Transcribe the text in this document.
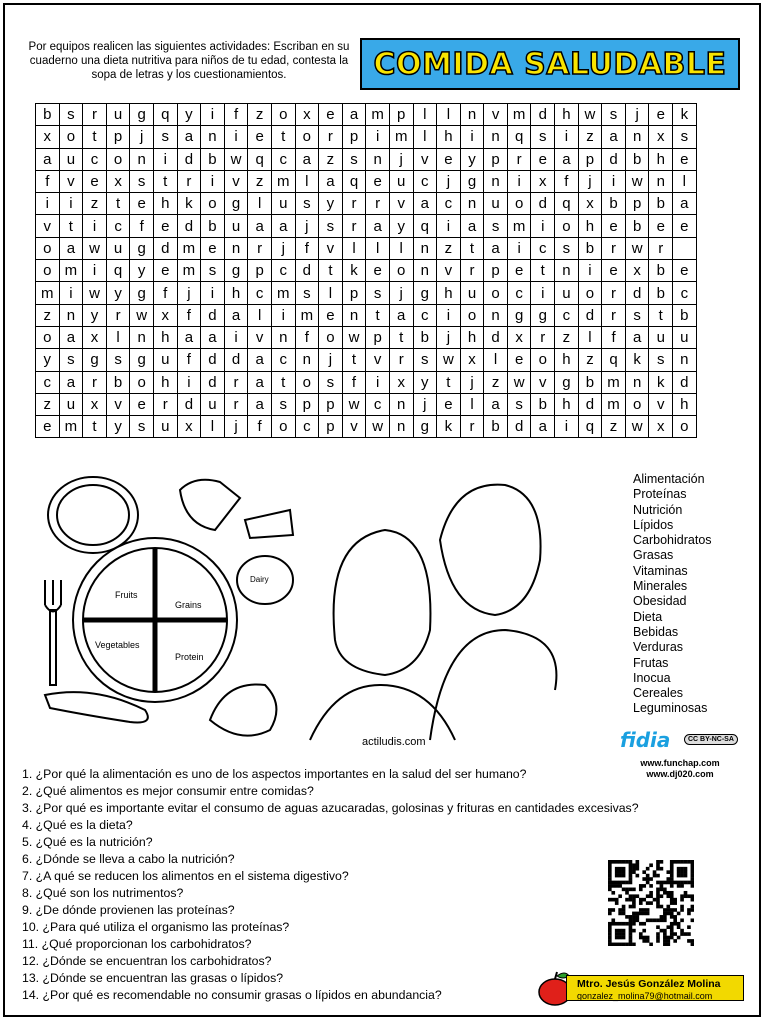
Por equipos realicen las siguientes actividades: Escriban en su cuaderno una dieta nutritiva para niños de tu edad, contesta la sopa de letras y los cuestionamientos.	COMIDA SALUDABLE
b	s	r	u	g	q	y	i	f	z	o	x	e	a	m	p	l	l	n	v	m	d	h	w	s	j	e	k
x	o	t	p	j	s	a	n	i	e	t	o	r	p	i	m	l	h	i	n	q	s	i	z	a	n	x	s
a	u	c	o	n	i	d	b	w	q	c	a	z	s	n	j	v	e	y	p	r	e	a	p	d	b	h	e
f	v	e	x	s	t	r	i	v	z	m	l	a	q	e	u	c	j	g	n	i	x	f	j	i	w	n	l
i	i	z	t	e	h	k	o	g	l	u	s	y	r	r	v	a	c	n	u	o	d	q	x	b	p	b	a
v	t	i	c	f	e	d	b	u	a	a	j	s	r	a	y	q	i	a	s	m	i	o	h	e	b	e	e
o	a	w	u	g	d	m	e	n	r	j	f	v	l	l	l	n	z	t	a	i	c	s	b	r	w	r	
o	m	i	q	y	e	m	s	g	p	c	d	t	k	e	o	n	v	r	p	e	t	n	i	e	x	b	e
m	i	w	y	g	f	j	i	h	c	m	s	l	p	s	j	g	h	u	o	c	i	u	o	r	d	b	c
z	n	y	r	w	x	f	d	a	l	i	m	e	n	t	a	c	i	o	n	g	g	c	d	r	s	t	b
o	a	x	l	n	h	a	a	i	v	n	f	o	w	p	t	b	j	h	d	x	r	z	l	f	a	u	u
y	s	g	s	g	u	f	d	d	a	c	n	j	t	v	r	s	w	x	l	e	o	h	z	q	k	s	n
c	a	r	b	o	h	i	d	r	a	t	o	s	f	i	x	y	t	j	z	w	v	g	b	m	n	k	d
z	u	x	v	e	r	d	u	r	a	s	p	p	w	c	n	j	e	l	a	s	b	h	d	m	o	v	h
e	m	t	y	s	u	x	l	j	f	o	c	p	v	w	n	g	k	r	b	d	a	i	q	z	w	x	o
Fruits
Grains
Vegetables
Protein
Dairy
actiludis.com
Alimentación
Proteínas
Nutrición
Lípidos
Carbohidratos
Grasas
Vitaminas
Minerales
Obesidad
Dieta
Bebidas
Verduras
Frutas
Inocua
Cereales
Leguminosas
fidia	CC BY-NC-SA
www.funchap.com
www.dj020.com
1. ¿Por qué la alimentación es uno de los aspectos importantes en la salud del ser humano?
2. ¿Qué alimentos es mejor consumir entre comidas?
3. ¿Por qué es importante evitar el consumo de aguas azucaradas, golosinas y frituras en cantidades excesivas?
4. ¿Qué es la dieta?
5. ¿Qué es la nutrición?
6. ¿Dónde se lleva a cabo la nutrición?
7. ¿A qué se reducen los alimentos en el sistema digestivo?
8. ¿Qué son los nutrimentos?
9. ¿De dónde provienen las proteínas?
10. ¿Para qué utiliza el organismo las proteínas?
11. ¿Qué proporcionan los carbohidratos?
12. ¿Dónde se encuentran los carbohidratos?
13. ¿Dónde se encuentran las grasas o lípidos?
14. ¿Por qué es recomendable no consumir grasas o lípidos en abundancia?
Mtro. Jesús González Molina
gonzalez_molina79@hotmail.com
